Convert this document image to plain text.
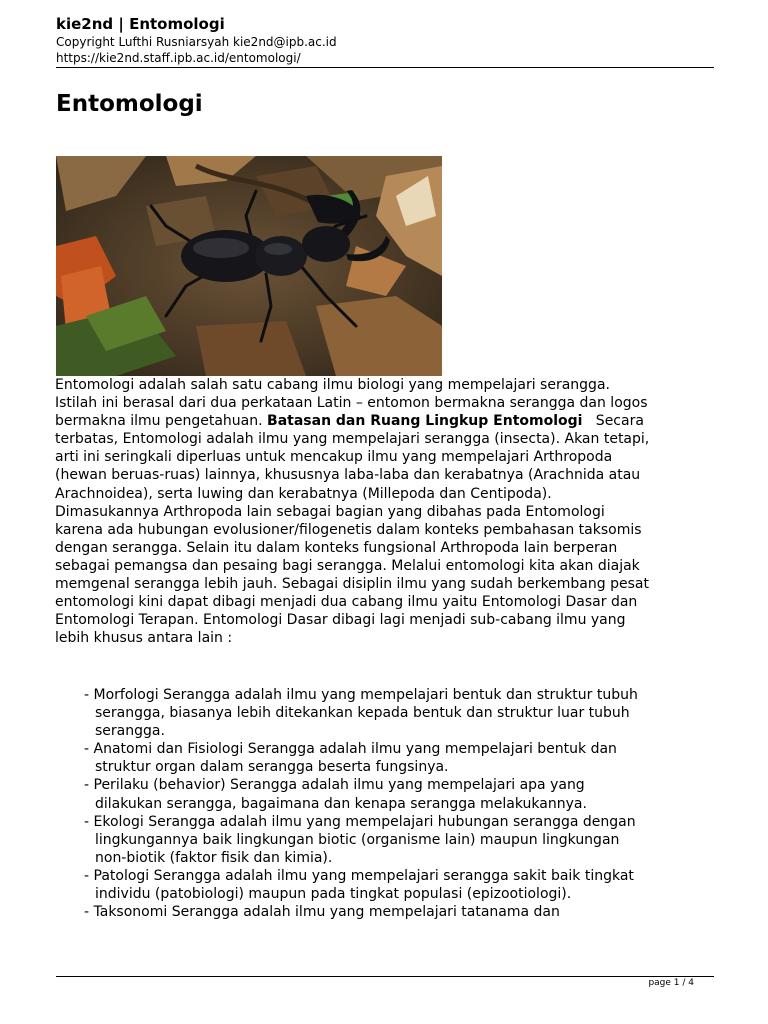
kie2nd | Entomologi
Copyright Lufthi Rusniarsyah kie2nd@ipb.ac.id
https://kie2nd.staff.ipb.ac.id/entomologi/
Entomologi

Entomologi adalah salah satu cabang ilmu biologi yang mempelajari serangga.
Istilah ini berasal dari dua perkataan Latin – entomon bermakna serangga dan logos
bermakna ilmu pengetahuan. Batasan dan Ruang Lingkup Entomologi   Secara
terbatas, Entomologi adalah ilmu yang mempelajari serangga (insecta). Akan tetapi,
arti ini seringkali diperluas untuk mencakup ilmu yang mempelajari Arthropoda
(hewan beruas-ruas) lainnya, khususnya laba-laba dan kerabatnya (Arachnida atau
Arachnoidea), serta luwing dan kerabatnya (Millepoda dan Centipoda).
Dimasukannya Arthropoda lain sebagai bagian yang dibahas pada Entomologi
karena ada hubungan evolusioner/filogenetis dalam konteks pembahasan taksomis
dengan serangga. Selain itu dalam konteks fungsional Arthropoda lain berperan
sebagai pemangsa dan pesaing bagi serangga. Melalui entomologi kita akan diajak
memgenal serangga lebih jauh. Sebagai disiplin ilmu yang sudah berkembang pesat
entomologi kini dapat dibagi menjadi dua cabang ilmu yaitu Entomologi Dasar dan
Entomologi Terapan. Entomologi Dasar dibagi lagi menjadi sub-cabang ilmu yang
lebih khusus antara lain :

- Morfologi Serangga adalah ilmu yang mempelajari bentuk dan struktur tubuh
serangga, biasanya lebih ditekankan kepada bentuk dan struktur luar tubuh
serangga.
- Anatomi dan Fisiologi Serangga adalah ilmu yang mempelajari bentuk dan
struktur organ dalam serangga beserta fungsinya.
- Perilaku (behavior) Serangga adalah ilmu yang mempelajari apa yang
dilakukan serangga, bagaimana dan kenapa serangga melakukannya.
- Ekologi Serangga adalah ilmu yang mempelajari hubungan serangga dengan
lingkungannya baik lingkungan biotic (organisme lain) maupun lingkungan
non-biotik (faktor fisik dan kimia).
- Patologi Serangga adalah ilmu yang mempelajari serangga sakit baik tingkat
individu (patobiologi) maupun pada tingkat populasi (epizootiologi).
- Taksonomi Serangga adalah ilmu yang mempelajari tatanama dan
page 1 / 4
